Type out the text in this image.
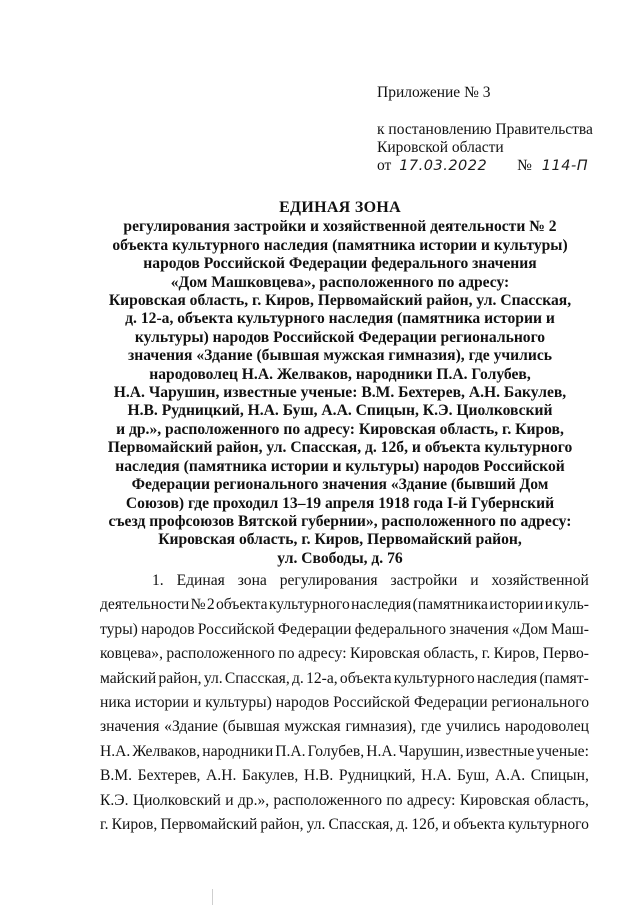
Приложение № 3
к постановлению Правительства
Кировской области
от 17.03.2022 № 114-П
ЕДИНАЯ ЗОНА
регулирования застройки и хозяйственной деятельности № 2
объекта культурного наследия (памятника истории и культуры)
народов Российской Федерации федерального значения
«Дом Машковцева», расположенного по адресу:
Кировская область, г. Киров, Первомайский район, ул. Спасская,
д. 12-а, объекта культурного наследия (памятника истории и
культуры) народов Российской Федерации регионального
значения «Здание (бывшая мужская гимназия), где учились
народоволец Н.А. Желваков, народники П.А. Голубев,
Н.А. Чарушин, известные ученые: В.М. Бехтерев, А.Н. Бакулев,
Н.В. Рудницкий, Н.А. Буш, А.А. Спицын, К.Э. Циолковский
и др.», расположенного по адресу: Кировская область, г. Киров,
Первомайский район, ул. Спасская, д. 12б, и объекта культурного
наследия (памятника истории и культуры) народов Российской
Федерации регионального значения «Здание (бывший Дом
Союзов) где проходил 13–19 апреля 1918 года I-й Губернский
съезд профсоюзов Вятской губернии», расположенного по адресу:
Кировская область, г. Киров, Первомайский район,
ул. Свободы, д. 76
1. Единая зона регулирования застройки и хозяйственной
деятельности № 2 объекта культурного наследия (памятника истории и куль-
туры) народов Российской Федерации федерального значения «Дом Маш-
ковцева», расположенного по адресу: Кировская область, г. Киров, Перво-
майский район, ул. Спасская, д. 12-а, объекта культурного наследия (памят-
ника истории и культуры) народов Российской Федерации регионального
значения «Здание (бывшая мужская гимназия), где учились народоволец
Н.А. Желваков, народники П.А. Голубев, Н.А. Чарушин, известные ученые:
В.М. Бехтерев, А.Н. Бакулев, Н.В. Рудницкий, Н.А. Буш, А.А. Спицын,
К.Э. Циолковский и др.», расположенного по адресу: Кировская область,
г. Киров, Первомайский район, ул. Спасская, д. 12б, и объекта культурного
